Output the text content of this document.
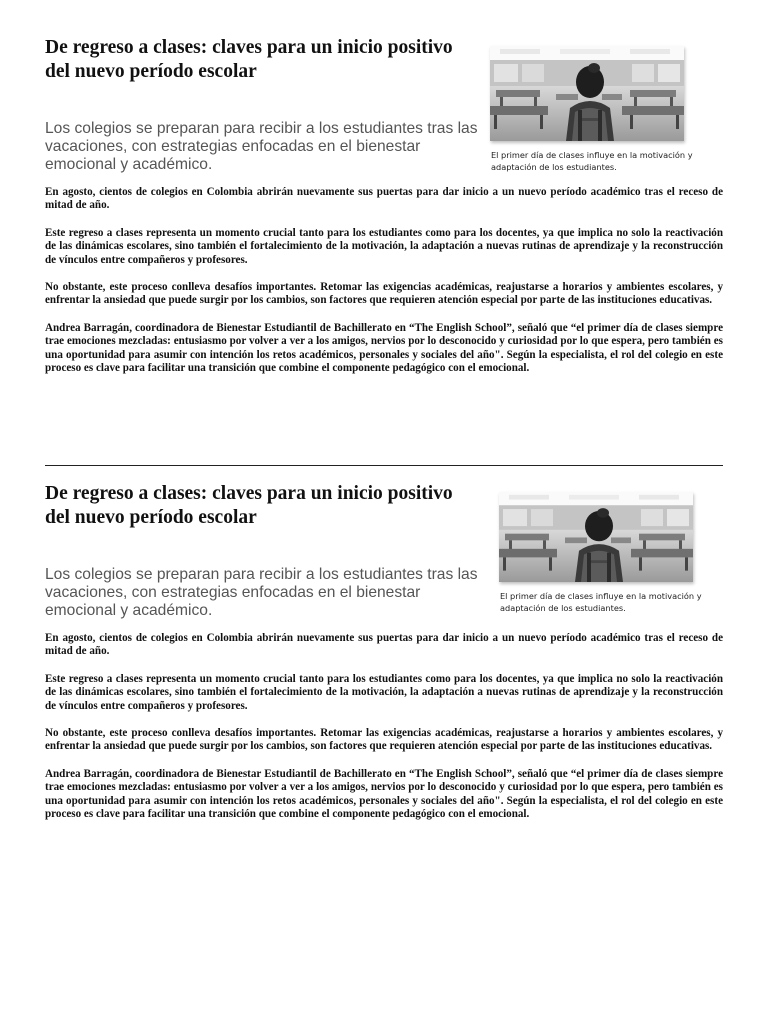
De regreso a clases: claves para un inicio positivo del nuevo período escolar

Los colegios se preparan para recibir a los estudiantes tras las vacaciones, con estrategias enfocadas en el bienestar emocional y académico.

El primer día de clases influye en la motivación y adaptación de los estudiantes.

En agosto, cientos de colegios en Colombia abrirán nuevamente sus puertas para dar inicio a un nuevo período académico tras el receso de mitad de año.

Este regreso a clases representa un momento crucial tanto para los estudiantes como para los docentes, ya que implica no solo la reactivación de las dinámicas escolares, sino también el fortalecimiento de la motivación, la adaptación a nuevas rutinas de aprendizaje y la reconstrucción de vínculos entre compañeros y profesores.

No obstante, este proceso conlleva desafíos importantes. Retomar las exigencias académicas, reajustarse a horarios y ambientes escolares, y enfrentar la ansiedad que puede surgir por los cambios, son factores que requieren atención especial por parte de las instituciones educativas.

Andrea Barragán, coordinadora de Bienestar Estudiantil de Bachillerato en “The English School”, señaló que “el primer día de clases siempre trae emociones mezcladas: entusiasmo por volver a ver a los amigos, nervios por lo desconocido y curiosidad por lo que espera, pero también es una oportunidad para asumir con intención los retos académicos, personales y sociales del año". Según la especialista, el rol del colegio en este proceso es clave para facilitar una transición que combine el componente pedagógico con el emocional.

De regreso a clases: claves para un inicio positivo del nuevo período escolar

Los colegios se preparan para recibir a los estudiantes tras las vacaciones, con estrategias enfocadas en el bienestar emocional y académico.

El primer día de clases influye en la motivación y adaptación de los estudiantes.

En agosto, cientos de colegios en Colombia abrirán nuevamente sus puertas para dar inicio a un nuevo período académico tras el receso de mitad de año.

Este regreso a clases representa un momento crucial tanto para los estudiantes como para los docentes, ya que implica no solo la reactivación de las dinámicas escolares, sino también el fortalecimiento de la motivación, la adaptación a nuevas rutinas de aprendizaje y la reconstrucción de vínculos entre compañeros y profesores.

No obstante, este proceso conlleva desafíos importantes. Retomar las exigencias académicas, reajustarse a horarios y ambientes escolares, y enfrentar la ansiedad que puede surgir por los cambios, son factores que requieren atención especial por parte de las instituciones educativas.

Andrea Barragán, coordinadora de Bienestar Estudiantil de Bachillerato en “The English School”, señaló que “el primer día de clases siempre trae emociones mezcladas: entusiasmo por volver a ver a los amigos, nervios por lo desconocido y curiosidad por lo que espera, pero también es una oportunidad para asumir con intención los retos académicos, personales y sociales del año". Según la especialista, el rol del colegio en este proceso es clave para facilitar una transición que combine el componente pedagógico con el emocional.
